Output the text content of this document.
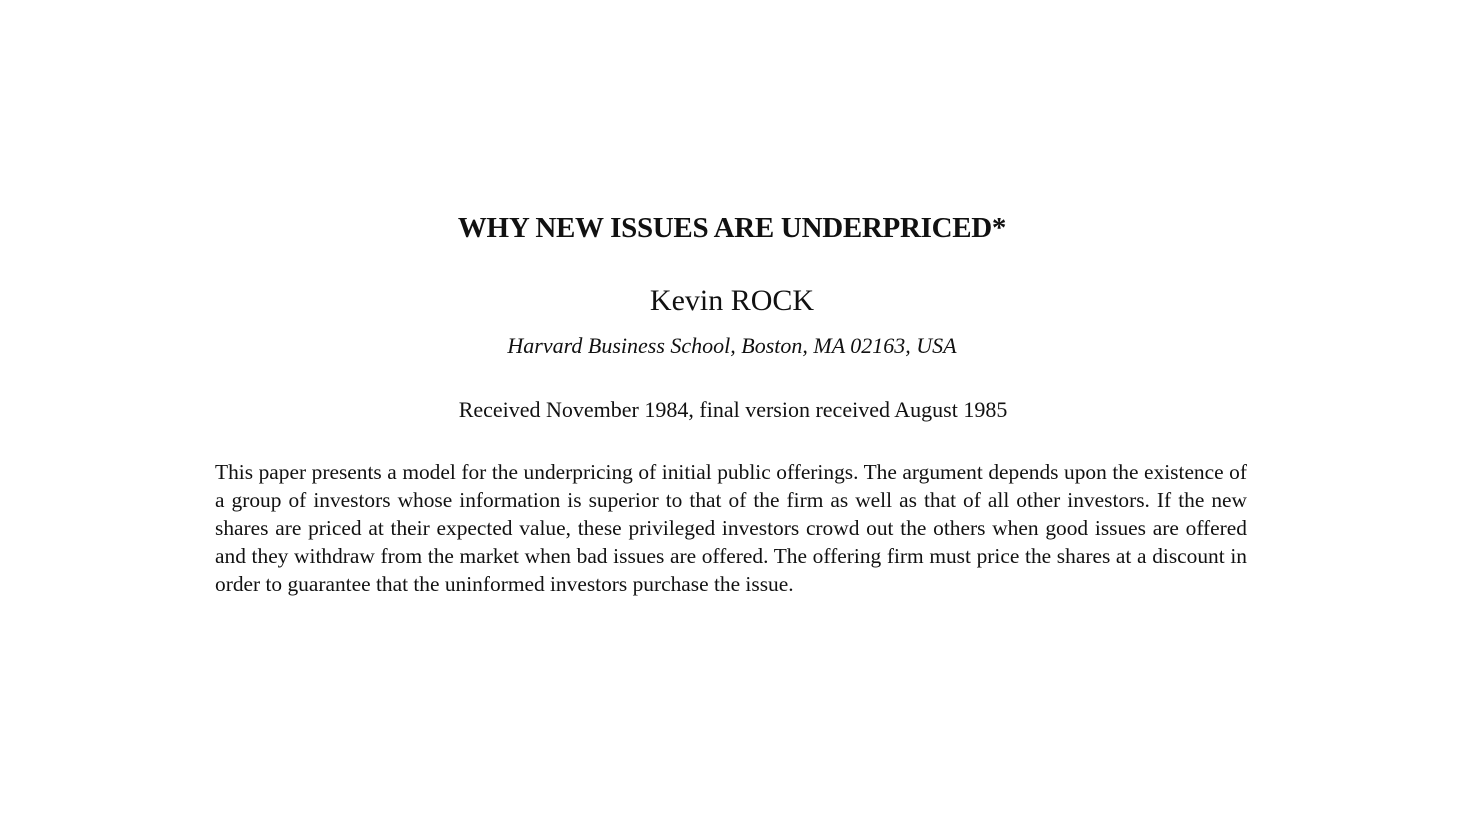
WHY NEW ISSUES ARE UNDERPRICED*
Kevin ROCK
Harvard Business School, Boston, MA 02163, USA
Received November 1984, final version received August 1985

This paper presents a model for the underpricing of initial public offerings. The argument depends upon the existence of a group of investors whose information is superior to that of the firm as well as that of all other investors. If the new shares are priced at their expected value, these privileged investors crowd out the others when good issues are offered and they withdraw from the market when bad issues are offered. The offering firm must price the shares at a discount in order to guarantee that the uninformed investors purchase the issue.
